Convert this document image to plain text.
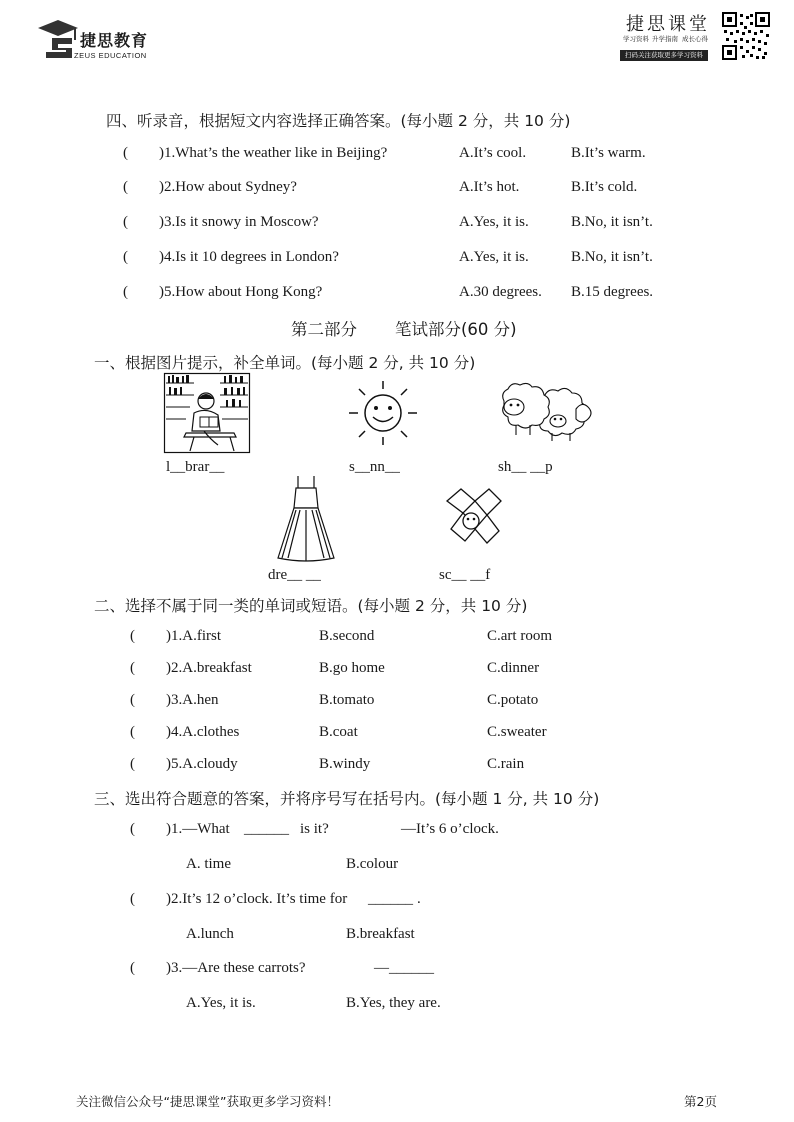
捷思教育
ZEUS EDUCATION
捷思课堂
学习资料 升学指南 成长心得
扫码关注获取更多学习资料
四、听录音，根据短文内容选择正确答案。(每小题 2 分，共 10 分)
( )1.What’s the weather like in Beijing?	A.It’s cool.	B.It’s warm.
( )2.How about Sydney?	A.It’s hot.	B.It’s cold.
( )3.Is it snowy in Moscow?	A.Yes, it is.	B.No, it isn’t.
( )4.Is it 10 degrees in London?	A.Yes, it is.	B.No, it isn’t.
( )5.How about Hong Kong?	A.30 degrees. B.15 degrees.
第二部分 笔试部分(60 分)
一、根据图片提示，补全单词。(每小题 2 分, 共 10 分)
l__brar__	s__nn__	sh__ __p
dre__ __	sc__ __f
二、选择不属于同一类的单词或短语。(每小题 2 分，共 10 分)
( )1.A.first	B.second	C.art room
( )2.A.breakfast	B.go home	C.dinner
( )3.A.hen	B.tomato	C.potato
( )4.A.clothes	B.coat	C.sweater
( )5.A.cloudy	B.windy	C.rain
三、选出符合题意的答案，并将序号写在括号内。(每小题 1 分, 共 10 分)
( )1.—What ______ is it?	—It’s 6 o’clock.
A. time	B.colour
( )2.It’s 12 o’clock. It’s time for ______ .
A.lunch	B.breakfast
( )3.—Are these carrots?	—______
A.Yes, it is.	B.Yes, they are.
关注微信公众号“捷思课堂”获取更多学习资料！	第2页
